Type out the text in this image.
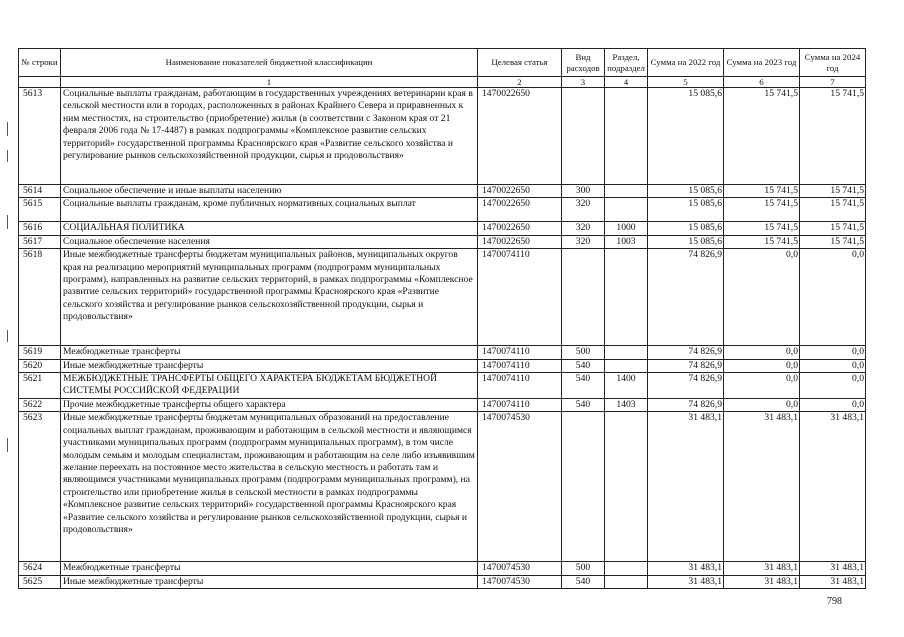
№ строки	Наименование показателей бюджетной классификации	Целевая статья	Вид расходов	Раздел, подраздел	Сумма на 2022 год	Сумма на 2023 год	Сумма на 2024 год
	1	2	3	4	5	6	7
5613	Социальные выплаты гражданам, работающим в государственных учреждениях ветеринарии края в сельской местности или в городах, расположенных в районах Крайнего Севера и приравненных к ним местностях, на строительство (приобретение) жилья (в соответствии с Законом края от 21 февраля 2006 года № 17-4487) в рамках подпрограммы «Комплексное развитие сельских территорий» государственной программы Красноярского края «Развитие сельского хозяйства и регулирование рынков сельскохозяйственной продукции, сырья и продовольствия»	1470022650			15 085,6	15 741,5	15 741,5
5614	Социальное обеспечение и иные выплаты населению	1470022650	300		15 085,6	15 741,5	15 741,5
5615	Социальные выплаты гражданам, кроме публичных нормативных социальных выплат	1470022650	320		15 085,6	15 741,5	15 741,5
5616	СОЦИАЛЬНАЯ ПОЛИТИКА	1470022650	320	1000	15 085,6	15 741,5	15 741,5
5617	Социальное обеспечение населения	1470022650	320	1003	15 085,6	15 741,5	15 741,5
5618	Иные межбюджетные трансферты бюджетам муниципальных районов, муниципальных округов края на реализацию мероприятий муниципальных программ (подпрограмм муниципальных программ), направленных на развитие сельских территорий, в рамках подпрограммы «Комплексное развитие сельских территорий» государственной программы Красноярского края «Развитие сельского хозяйства и регулирование рынков сельскохозяйственной продукции, сырья и продовольствия»	1470074110			74 826,9	0,0	0,0
5619	Межбюджетные трансферты	1470074110	500		74 826,9	0,0	0,0
5620	Иные межбюджетные трансферты	1470074110	540		74 826,9	0,0	0,0
5621	МЕЖБЮДЖЕТНЫЕ ТРАНСФЕРТЫ ОБЩЕГО ХАРАКТЕРА БЮДЖЕТАМ БЮДЖЕТНОЙ СИСТЕМЫ РОССИЙСКОЙ ФЕДЕРАЦИИ	1470074110	540	1400	74 826,9	0,0	0,0
5622	Прочие межбюджетные трансферты общего характера	1470074110	540	1403	74 826,9	0,0	0,0
5623	Иные межбюджетные трансферты бюджетам муниципальных образований на предоставление социальных выплат гражданам, проживающим и работающим в сельской местности и являющимся участниками муниципальных программ (подпрограмм муниципальных программ), в том числе молодым семьям и молодым специалистам, проживающим и работающим на селе либо изъявившим желание переехать на постоянное место жительства в сельскую местность и работать там и являющимся участниками муниципальных программ (подпрограмм муниципальных программ), на строительство или приобретение жилья в сельской местности в рамках подпрограммы «Комплексное развитие сельских территорий» государственной программы Красноярского края «Развитие сельского хозяйства и регулирование рынков сельскохозяйственной продукции, сырья и продовольствия»	1470074530			31 483,1	31 483,1	31 483,1
5624	Межбюджетные трансферты	1470074530	500		31 483,1	31 483,1	31 483,1
5625	Иные межбюджетные трансферты	1470074530	540		31 483,1	31 483,1	31 483,1
798
